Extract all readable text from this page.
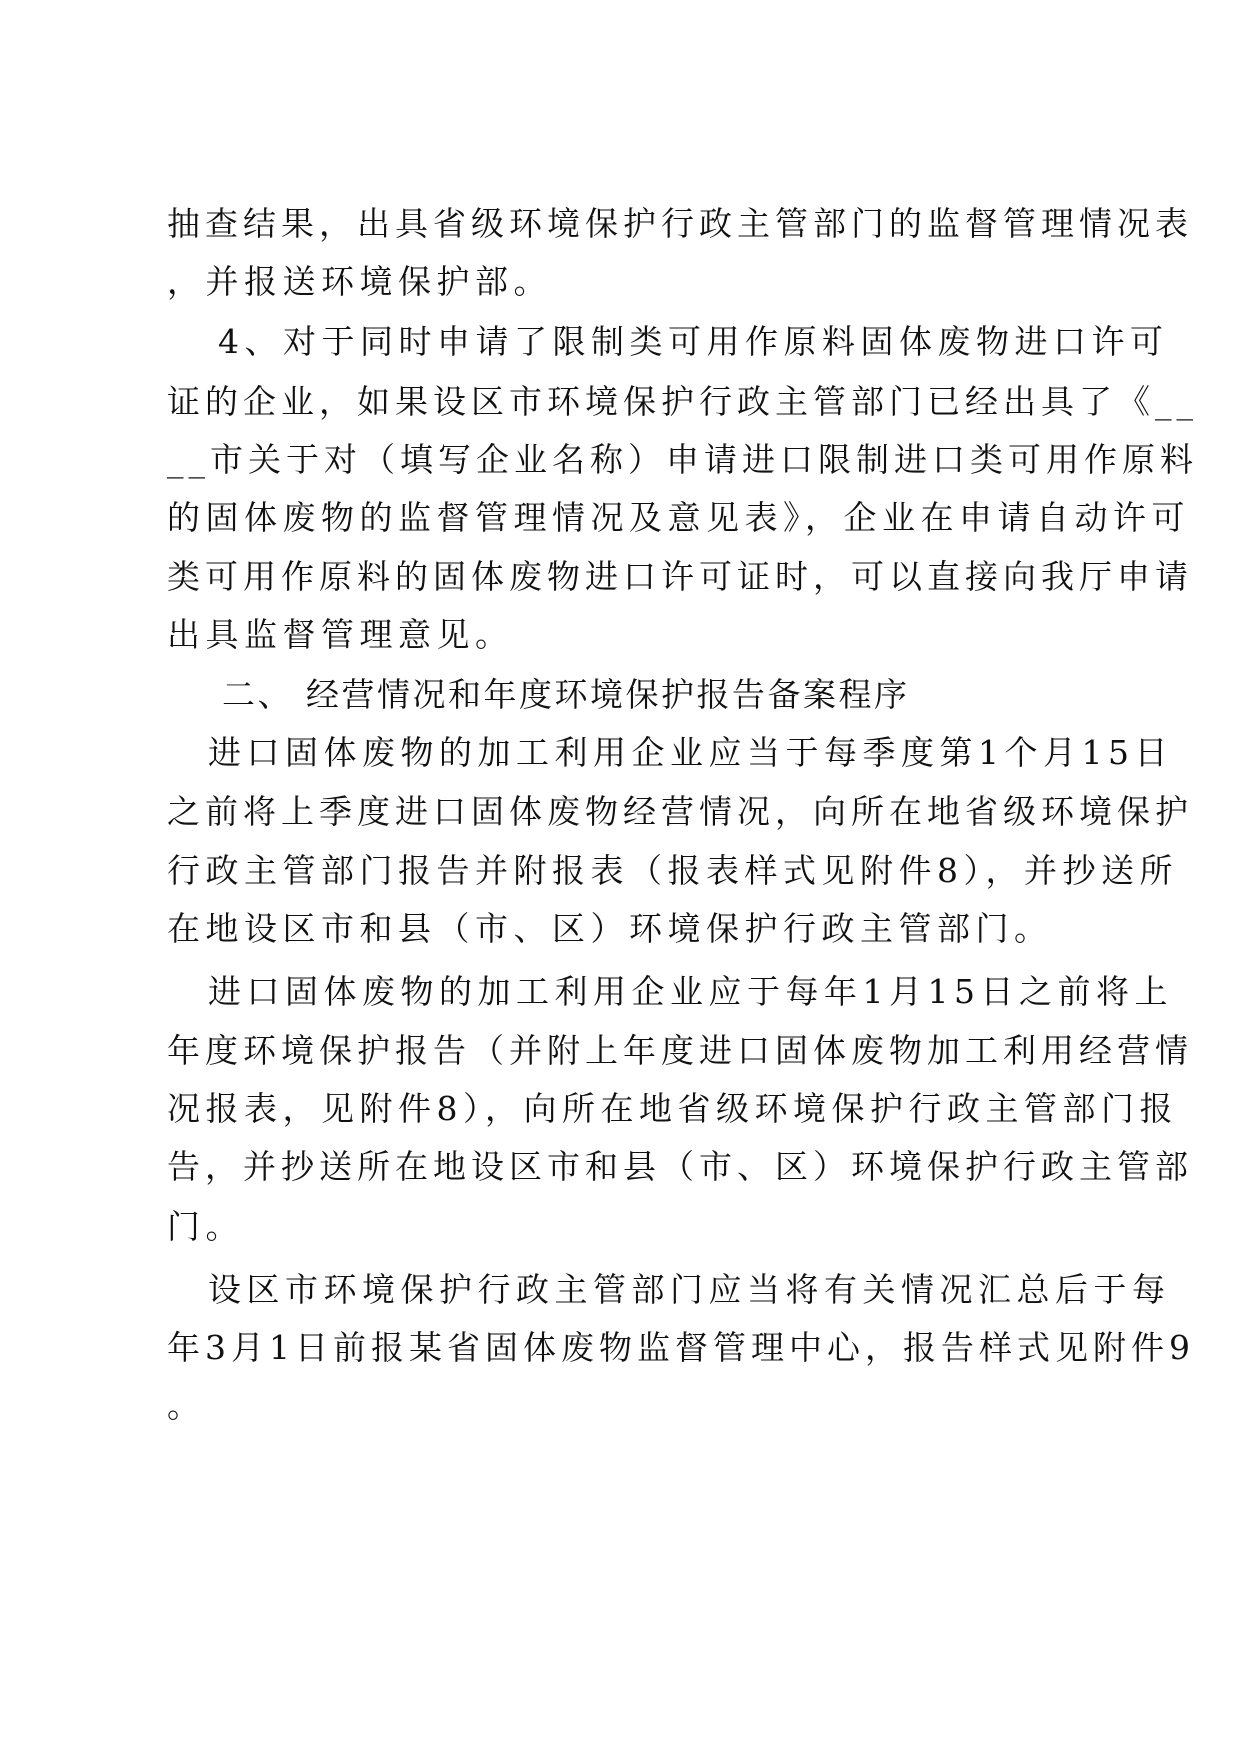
抽查结果，出具省级环境保护行政主管部门的监督管理情况表
，并报送环境保护部。
4、对于同时申请了限制类可用作原料固体废物进口许可
证的企业，如果设区市环境保护行政主管部门已经出具了《__
__市关于对（填写企业名称）申请进口限制进口类可用作原料
的固体废物的监督管理情况及意见表》，企业在申请自动许可
类可用作原料的固体废物进口许可证时，可以直接向我厅申请
出具监督管理意见。
二、 经营情况和年度环境保护报告备案程序
进口固体废物的加工利用企业应当于每季度第1个月15日
之前将上季度进口固体废物经营情况，向所在地省级环境保护
行政主管部门报告并附报表（报表样式见附件8），并抄送所
在地设区市和县（市、区）环境保护行政主管部门。
进口固体废物的加工利用企业应于每年1月15日之前将上
年度环境保护报告（并附上年度进口固体废物加工利用经营情
况报表，见附件8），向所在地省级环境保护行政主管部门报
告，并抄送所在地设区市和县（市、区）环境保护行政主管部
门。
设区市环境保护行政主管部门应当将有关情况汇总后于每
年3月1日前报某省固体废物监督管理中心，报告样式见附件9
。
